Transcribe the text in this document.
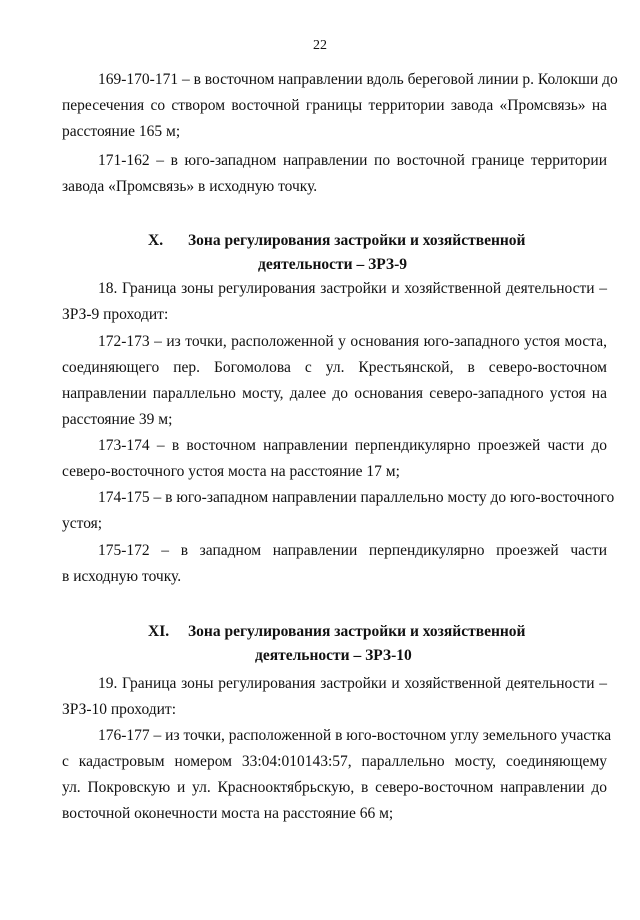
22
169-170-171 – в восточном направлении вдоль береговой линии р. Колокши до
пересечения со створом восточной границы территории завода «Промсвязь» на
расстояние 165 м;
171-162 – в юго-западном направлении по восточной границе территории
завода «Промсвязь» в исходную точку.
X. Зона регулирования застройки и хозяйственной
деятельности – ЗРЗ-9
18. Граница зоны регулирования застройки и хозяйственной деятельности –
ЗРЗ-9 проходит:
172-173 – из точки, расположенной у основания юго-западного устоя моста,
соединяющего пер. Богомолова с ул. Крестьянской, в северо-восточном
направлении параллельно мосту, далее до основания северо-западного устоя на
расстояние 39 м;
173-174 – в восточном направлении перпендикулярно проезжей части до
северо-восточного устоя моста на расстояние 17 м;
174-175 – в юго-западном направлении параллельно мосту до юго-восточного
устоя;
175-172 – в западном направлении перпендикулярно проезжей части
в исходную точку.
XI. Зона регулирования застройки и хозяйственной
деятельности – ЗРЗ-10
19. Граница зоны регулирования застройки и хозяйственной деятельности –
ЗРЗ-10 проходит:
176-177 – из точки, расположенной в юго-восточном углу земельного участка
с кадастровым номером 33:04:010143:57, параллельно мосту, соединяющему
ул. Покровскую и ул. Краснооктябрьскую, в северо-восточном направлении до
восточной оконечности моста на расстояние 66 м;
